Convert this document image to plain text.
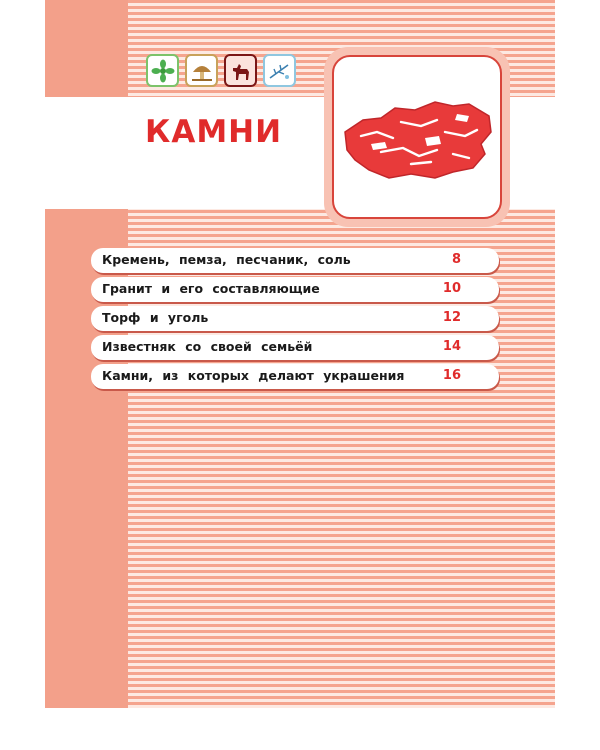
КАМНИ
Кремень, пемза, песчаник, соль	8
Гранит и его составляющие	10
Торф и уголь	12
Известняк со своей семьёй	14
Камни, из которых делают украшения	16
